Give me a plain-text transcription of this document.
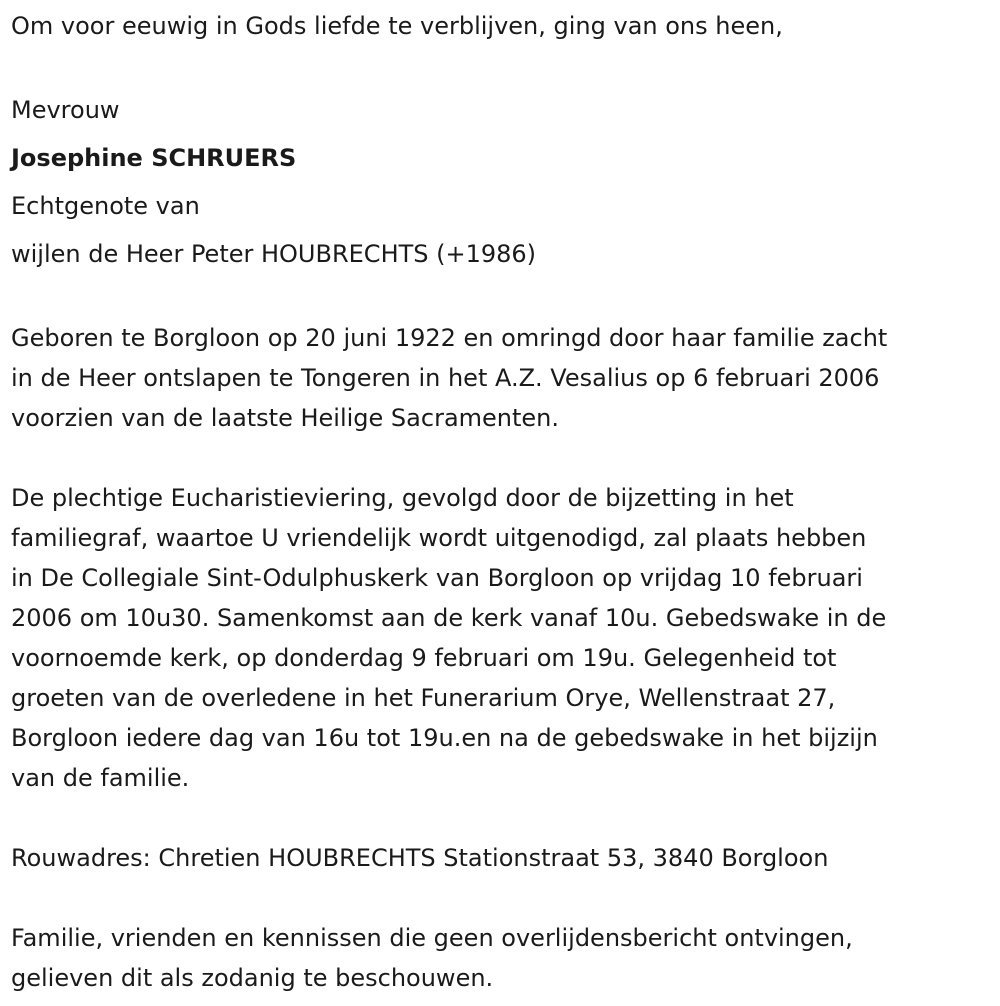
Om voor eeuwig in Gods liefde te verblijven, ging van ons heen,
Mevrouw
Josephine SCHRUERS
Echtgenote van
wijlen de Heer Peter HOUBRECHTS (+1986)
Geboren te Borgloon op 20 juni 1922 en omringd door haar familie zacht
in de Heer ontslapen te Tongeren in het A.Z. Vesalius op 6 februari 2006
voorzien van de laatste Heilige Sacramenten.
De plechtige Eucharistieviering, gevolgd door de bijzetting in het
familiegraf, waartoe U vriendelijk wordt uitgenodigd, zal plaats hebben
in De Collegiale Sint-Odulphuskerk van Borgloon op vrijdag 10 februari
2006 om 10u30. Samenkomst aan de kerk vanaf 10u. Gebedswake in de
voornoemde kerk, op donderdag 9 februari om 19u. Gelegenheid tot
groeten van de overledene in het Funerarium Orye, Wellenstraat 27,
Borgloon iedere dag van 16u tot 19u.en na de gebedswake in het bijzijn
van de familie.
Rouwadres: Chretien HOUBRECHTS Stationstraat 53, 3840 Borgloon
Familie, vrienden en kennissen die geen overlijdensbericht ontvingen,
gelieven dit als zodanig te beschouwen.
